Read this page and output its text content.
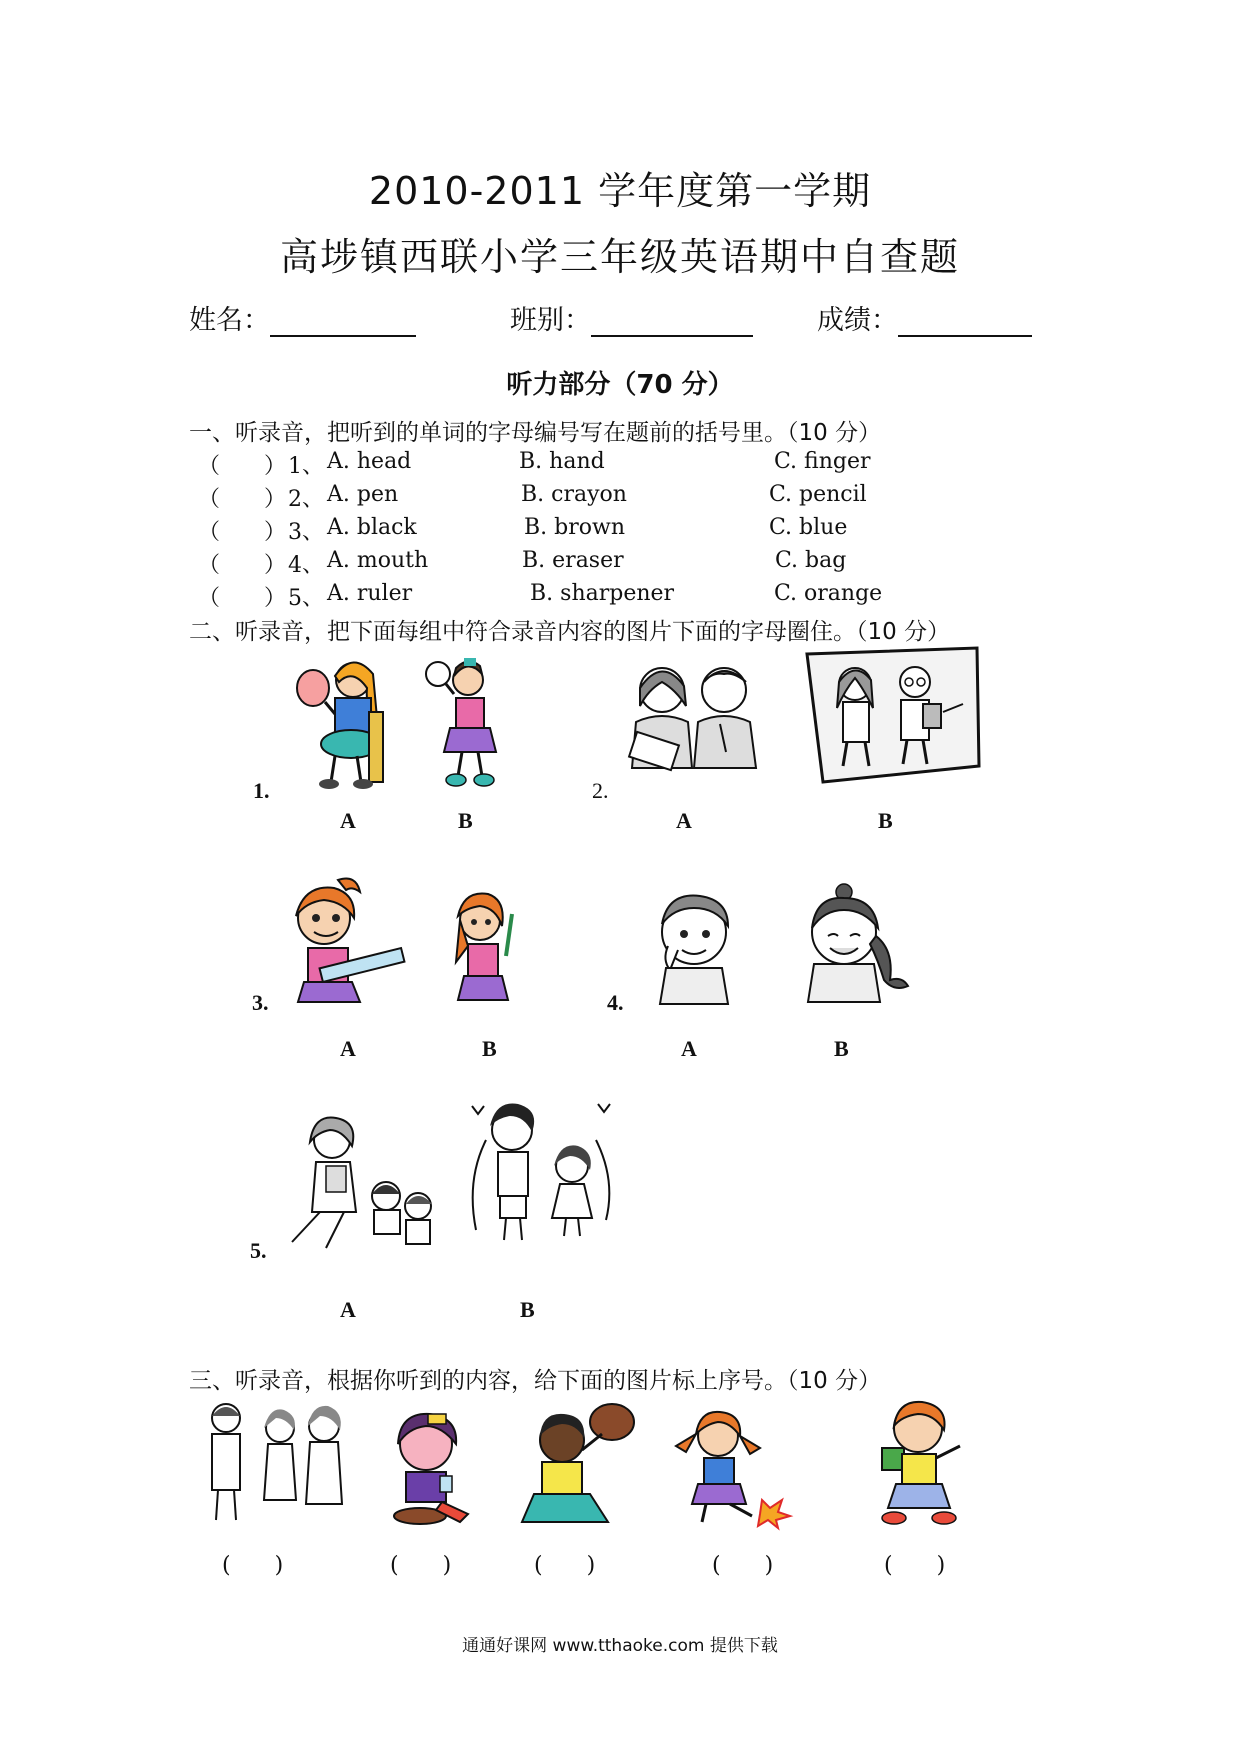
2010-2011 学年度第一学期
高埗镇西联小学三年级英语期中自查题
姓名：	班别：	成绩：
听力部分（70 分）
一、听录音，把听到的单词的字母编号写在题前的括号里。（10 分）
（　　） 1、 A. head	B. hand	C. finger
（　　） 2、 A. pen	B. crayon	C. pencil
（　　） 3、 A. black	B. brown	C. blue
（　　） 4、 A. mouth	B. eraser	C. bag
（　　） 5、 A. ruler	B. sharpener	C. orange
二、听录音，把下面每组中符合录音内容的图片下面的字母圈住。（10 分）
1.
A	B
2.
A	B
3.
A	B
4.
A	B
5.
A	B
三、听录音，根据你听到的内容，给下面的图片标上序号。（10 分）
(　　)	(　　)	(　　)	(　　)	(　　)
通通好课网 www.tthaoke.com 提供下载
